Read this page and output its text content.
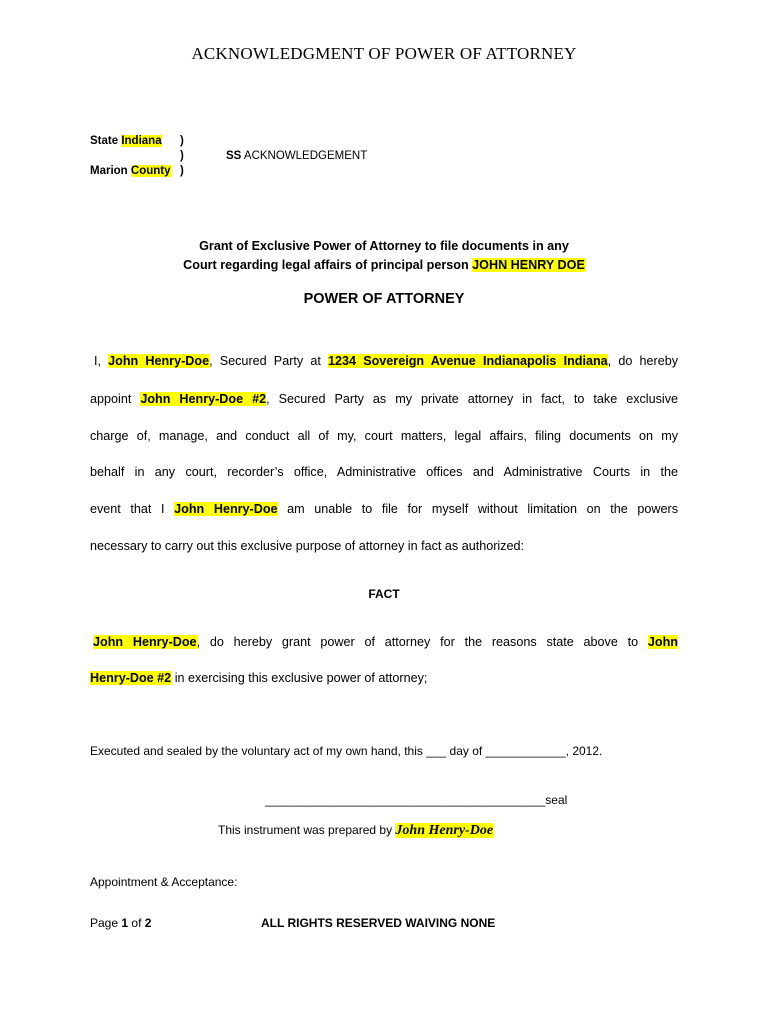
ACKNOWLEDGMENT OF POWER OF ATTORNEY
State Indiana )
)
)
SS ACKNOWLEDGEMENT
Marion County
Grant of Exclusive Power of Attorney to file documents in any
Court regarding legal affairs of principal person JOHN HENRY DOE
POWER OF ATTORNEY
I, John Henry-Doe, Secured Party at 1234 Sovereign Avenue Indianapolis Indiana, do hereby
appoint John Henry-Doe #2, Secured Party as my private attorney in fact, to take exclusive
charge of, manage, and conduct all of my, court matters, legal affairs, filing documents on my
behalf in any court, recorder’s office, Administrative offices and Administrative Courts in the
event that I John Henry-Doe am unable to file for myself without limitation on the powers
necessary to carry out this exclusive purpose of attorney in fact as authorized:
FACT
John Henry-Doe, do hereby grant power of attorney for the reasons state above to John
Henry-Doe #2 in exercising this exclusive power of attorney;
Executed and sealed by the voluntary act of my own hand, this ___ day of ____________, 2012.
__________________________________________seal
This instrument was prepared by John Henry-Doe
Appointment & Acceptance:
Page 1 of 2	ALL RIGHTS RESERVED WAIVING NONE
